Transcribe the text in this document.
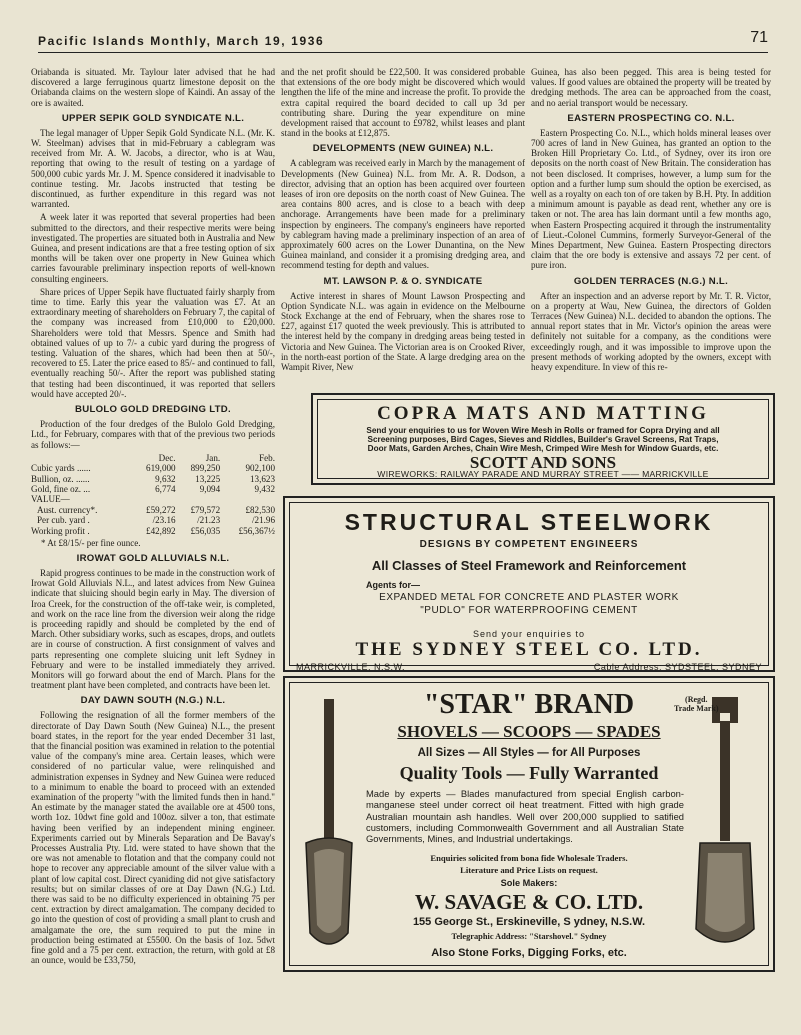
Pacific Islands Monthly, March 19, 1936	71

Oriabanda is situated. Mr. Taylour later advised that he had discovered a large ferruginous quartz limestone deposit on the Oriabanda claims on the western slope of Kaindi. An assay of the ore is awaited.

UPPER SEPIK GOLD SYNDICATE N.L.

The legal manager of Upper Sepik Gold Syndicate N.L. (Mr. K. W. Steelman) advises that in mid-February a cablegram was received from Mr. A. W. Jacobs, a director, who is at Wau, reporting that owing to the result of testing on a yardage of 500,000 cubic yards Mr. J. M. Spence considered it inadvisable to continue testing. Mr. Jacobs instructed that testing be discontinued, as further expenditure in this regard was not warranted.

A week later it was reported that several properties had been submitted to the directors, and their respective merits were being investigated. The properties are situated both in Australia and New Guinea, and present indications are that a free testing option of six months will be taken over one property in New Guinea which carries favourable preliminary inspection reports of well-known consulting engineers.

Share prices of Upper Sepik have fluctuated fairly sharply from time to time. Early this year the valuation was £7. At an extraordinary meeting of shareholders on February 7, the capital of the company was increased from £10,000 to £20,000. Shareholders were told that Messrs. Spence and Smith had obtained values of up to 7/- a cubic yard during the progress of testing. Valuation of the shares, which had been then at 50/-, recovered to £5. Later the price eased to 85/- and continued to fall, eventually reaching 50/-. After the report was published stating that testing had been discontinued, it was reported that sellers would have accepted 20/-.

BULOLO GOLD DREDGING LTD.

Production of the four dredges of the Bulolo Gold Dredging, Ltd., for February, compares with that of the previous two periods as follows:—

	Dec.	Jan.	Feb.
Cubic yards ......	619,000	899,250	902,100
Bullion, oz. ......	9,632	13,225	13,623
Gold, fine oz. ...	6,774	9,094	9,432
VALUE—			
Aust. currency*.	£59,272	£79,572	£82,530
Per cub. yard .	/23.16	/21.23	/21.96
Working profit .	£42,892	£56,035	£56,367½
* At £8/15/- per fine ounce.
IROWAT GOLD ALLUVIALS N.L.

Rapid progress continues to be made in the construction work of Irowat Gold Alluvials N.L., and latest advices from New Guinea indicate that sluicing should begin early in May. The diversion of Iroa Creek, for the construction of the off-take weir, is completed, and work on the race line from the diversion weir along the ridge is proceeding rapidly and should be completed by the end of March. Other subsidiary works, such as escapes, drops, and outlets are in course of construction. A first consignment of valves and parts representing one complete sluicing unit left Sydney in February and were to be installed immediately they arrived. Monitors will go forward about the end of March. Plans for the treatment plant have been completed, and contracts have been let.

DAY DAWN SOUTH (N.G.) N.L.

Following the resignation of all the former members of the directorate of Day Dawn South (New Guinea) N.L., the present board states, in the report for the year ended December 31 last, that the financial position was examined in relation to the potential value of the company's mine area. Certain leases, which were considered of no particular value, were relinquished and administration expenses in Sydney and New Guinea were reduced to a minimum to enable the board to proceed with an extended examination of the property "with the limited funds then in hand." An estimate by the manager stated the available ore at 4500 tons, worth 1oz. 10dwt fine gold and 100oz. silver a ton, that estimate having been verified by an independent mining engineer. Experiments carried out by Minerals Separation and De Bavay's Processes Australia Pty. Ltd. were stated to have shown that the ore was not amenable to flotation and that the company could not hope to recover any appreciable amount of the silver value with a plant of low capital cost. Direct cyaniding did not give satisfactory results; but on similar classes of ore at Day Dawn (N.G.) Ltd. there was said to be no difficulty experienced in obtaining 75 per cent. extraction by direct amalgamation. The company decided to go into the question of cost of providing a small plant to crush and amalgamate the ore, the sum required to put the mine in production being estimated at £5500. On the basis of 1oz. 5dwt fine gold and a 75 per cent. extraction, the return, with gold at £8 an ounce, would be £33,750,

and the net profit should be £22,500. It was considered probable that extensions of the ore body might be discovered which would lengthen the life of the mine and increase the profit. To provide the extra capital required the board decided to call up 3d per contributing share. During the year expenditure on mine development raised that account to £9782, whilst leases and plant stand in the books at £12,875.

DEVELOPMENTS (NEW GUINEA) N.L.

A cablegram was received early in March by the management of Developments (New Guinea) N.L. from Mr. A. R. Dodson, a director, advising that an option has been acquired over fourteen leases of iron ore deposits on the north coast of New Guinea. The area contains 800 acres, and is close to a beach with deep anchorage. Arrangements have been made for a preliminary inspection by engineers. The company's engineers have reported by cablegram having made a preliminary inspection of an area of approximately 600 acres on the Lower Dunantina, on the New Guinea mainland, and consider it a promising dredging area, and recommend testing for depth and values.

MT. LAWSON P. & O. SYNDICATE

Active interest in shares of Mount Lawson Prospecting and Option Syndicate N.L. was again in evidence on the Melbourne Stock Exchange at the end of February, when the shares rose to £27, against £17 quoted the week previously. This is attributed to the interest held by the company in dredging areas being tested in Victoria and New Guinea. The Victorian area is on Crooked River, in the north-east portion of the State. A large dredging area on the Wampit River, New

Guinea, has also been pegged. This area is being tested for values. If good values are obtained the property will be treated by dredging methods. The area can be approached from the coast, and no aerial transport would be necessary.

EASTERN PROSPECTING CO. N.L.

Eastern Prospecting Co. N.L., which holds mineral leases over 700 acres of land in New Guinea, has granted an option to the Broken Hill Proprietary Co. Ltd., of Sydney, over its iron ore deposits on the north coast of New Britain. The consideration has not been disclosed. It comprises, however, a lump sum for the option and a further lump sum should the option be exercised, as well as a royalty on each ton of ore taken by B.H. Pty. In addition a minimum amount is payable as dead rent, whether any ore is taken or not. The area has lain dormant until a few months ago, when Eastern Prospecting acquired it through the instrumentality of Lieut.-Colonel Cummins, formerly Surveyor-General of the Mines Department, New Guinea. Eastern Prospecting directors claim that the ore body is extensive and assays 72 per cent. of pure iron.

GOLDEN TERRACES (N.G.) N.L.

After an inspection and an adverse report by Mr. T. R. Victor, on a property at Wau, New Guinea, the directors of Golden Terraces (New Guinea) N.L. decided to abandon the options. The annual report states that in Mr. Victor's opinion the areas were definitely not suitable for a company, as the conditions were exceedingly rough, and it was impossible to improve upon the present methods of working adopted by the owners, except with heavy expenditure. In view of this re-

COPRA MATS AND MATTING
Send your enquiries to us for Woven Wire Mesh in Rolls or framed for Copra Drying and all
Screening purposes, Bird Cages, Sieves and Riddles, Builder's Gravel Screens, Rat Traps,
Door Mats, Garden Arches, Chain Wire Mesh, Crimped Wire Mesh for Window Guards, etc.
SCOTT AND SONS
WIREWORKS: RAILWAY PARADE AND MURRAY STREET —— MARRICKVILLE
STRUCTURAL STEELWORK
DESIGNS BY COMPETENT ENGINEERS
All Classes of Steel Framework and Reinforcement
Agents for—
EXPANDED METAL FOR CONCRETE AND PLASTER WORK
"PUDLO" FOR WATERPROOFING CEMENT
Send your enquiries to
THE SYDNEY STEEL CO. LTD.
MARRICKVILLE, N.S.W.	Cable Address: SYDSTEEL, SYDNEY
"STAR" BRAND	(Regd.
Trade Mark)
SHOVELS — SCOOPS — SPADES
All Sizes — All Styles — for All Purposes
Quality Tools — Fully Warranted
Made by experts — Blades manufactured from special English carbon-manganese steel under correct oil heat treatment. Fitted with high grade Australian mountain ash handles. Well over 200,000 supplied to satified customers, including Commonwealth Government and all Australian State Governments, Mines, and Industrial undertakings.
Enquiries solicited from bona fide Wholesale Traders.
Literature and Price Lists on request.
Sole Makers:
W. SAVAGE & CO. LTD.
155 George St., Erskineville, S ydney, N.S.W.
Telegraphic Address: "Starshovel." Sydney
Also Stone Forks, Digging Forks, etc.
